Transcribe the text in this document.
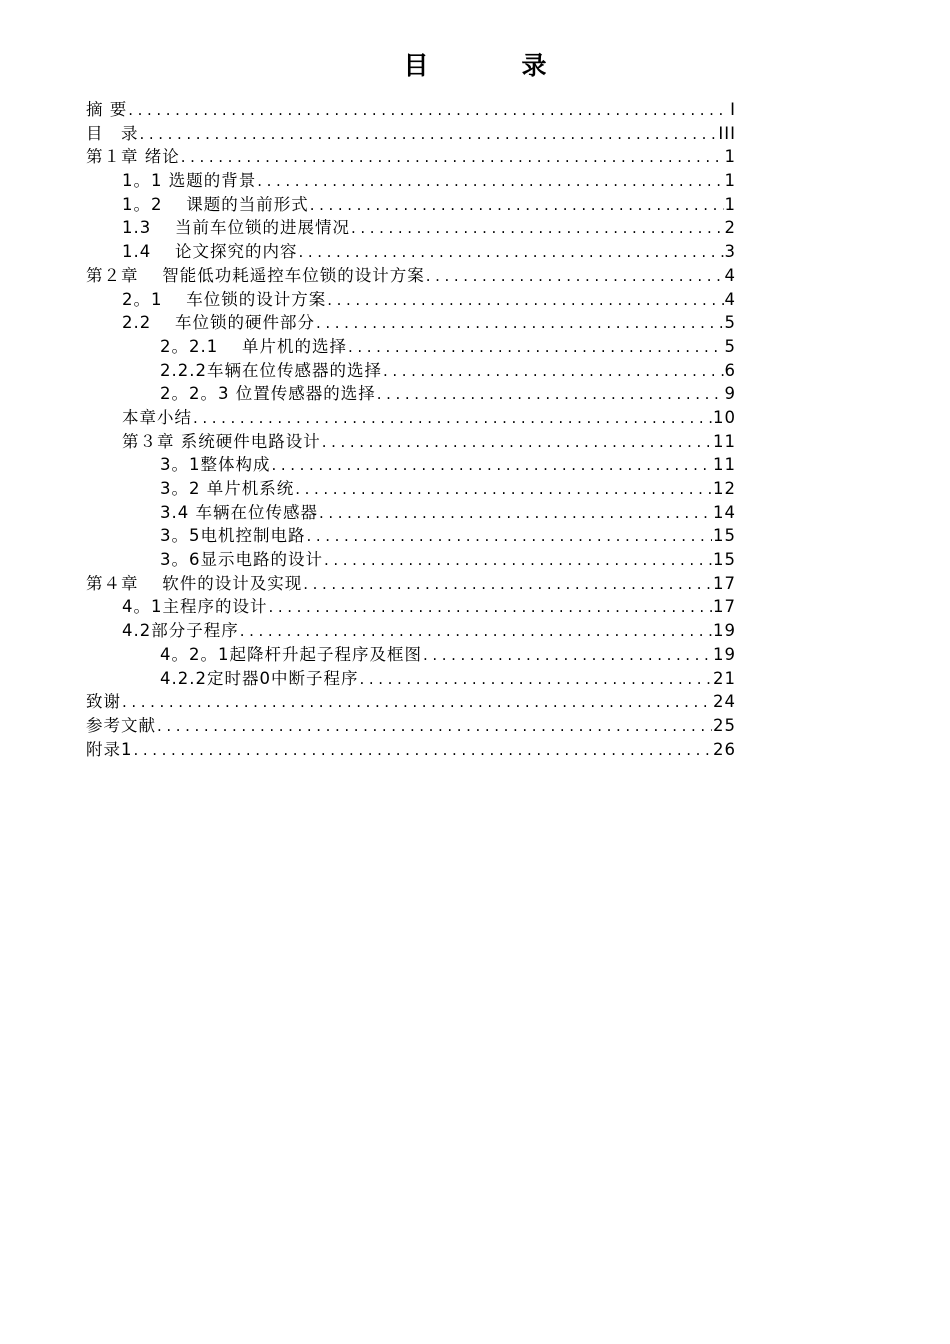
目　录
摘 要 .....	I
目　录 .....	III
第１章 绪论 .....	1
1。1 选题的背景 .....	1
1。2　 课题的当前形式 .....	1
1.3　 当前车位锁的进展情况 .....	2
1.4　 论文探究的内容 .....	3
第２章　 智能低功耗遥控车位锁的设计方案 .....	4
2。1　 车位锁的设计方案 .....	4
2.2　 车位锁的硬件部分 .....	5
2。2.1　 单片机的选择 .....	5
2.2.2车辆在位传感器的选择 .....	6
2。2。3 位置传感器的选择 .....	9
本章小结 .....	10
第３章 系统硬件电路设计 .....	11
3。1整体构成 .....	11
3。2 单片机系统 .....	12
3.4 车辆在位传感器 .....	14
3。5电机控制电路 .....	15
3。6显示电路的设计 .....	15
第４章　 软件的设计及实现 .....	17
4。1主程序的设计 .....	17
4.2部分子程序 .....	19
4。2。1起降杆升起子程序及框图 .....	19
4.2.2定时器0中断子程序 .....	21
致谢 .....	24
参考文献 .....	25
附录1 .....	26
